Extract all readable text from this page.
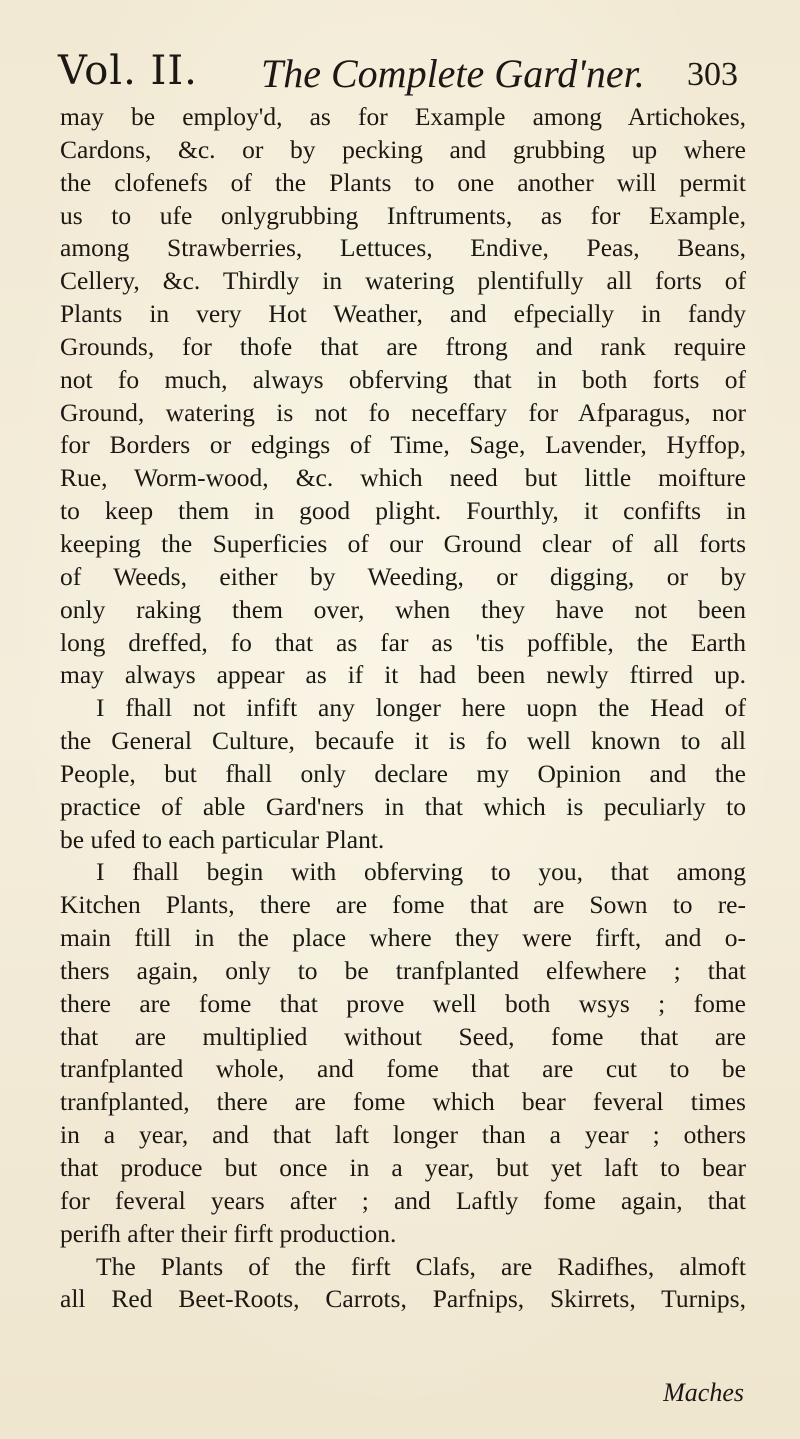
Vol. II. The Complete Gard'ner. 303
may be employ'd, as for Example among Artichokes,
Cardons, &c. or by pecking and grubbing up where
the clofenefs of the Plants to one another will permit
us to ufe onlygrubbing Inftruments, as for Example,
among Strawberries, Lettuces, Endive, Peas, Beans,
Cellery, &c. Thirdly in watering plentifully all forts of
Plants in very Hot Weather, and efpecially in fandy
Grounds, for thofe that are ftrong and rank require
not fo much, always obferving that in both forts of
Ground, watering is not fo neceffary for Afparagus, nor
for Borders or edgings of Time, Sage, Lavender, Hyffop,
Rue, Worm-wood, &c. which need but little moifture
to keep them in good plight. Fourthly, it confifts in
keeping the Superficies of our Ground clear of all forts
of Weeds, either by Weeding, or digging, or by
only raking them over, when they have not been
long dreffed, fo that as far as 'tis poffible, the Earth
may always appear as if it had been newly ftirred up.
I fhall not infift any longer here uopn the Head of
the General Culture, becaufe it is fo well known to all
People, but fhall only declare my Opinion and the
practice of able Gard'ners in that which is peculiarly to
be ufed to each particular Plant.
I fhall begin with obferving to you, that among
Kitchen Plants, there are fome that are Sown to re-
main ftill in the place where they were firft, and o-
thers again, only to be tranfplanted elfewhere ; that
there are fome that prove well both wsys ; fome
that are multiplied without Seed, fome that are
tranfplanted whole, and fome that are cut to be
tranfplanted, there are fome which bear feveral times
in a year, and that laft longer than a year ; others
that produce but once in a year, but yet laft to bear
for feveral years after ; and Laftly fome again, that
perifh after their firft production.
The Plants of the firft Clafs, are Radifhes, almoft
all Red Beet-Roots, Carrots, Parfnips, Skirrets, Turnips,
Maches
